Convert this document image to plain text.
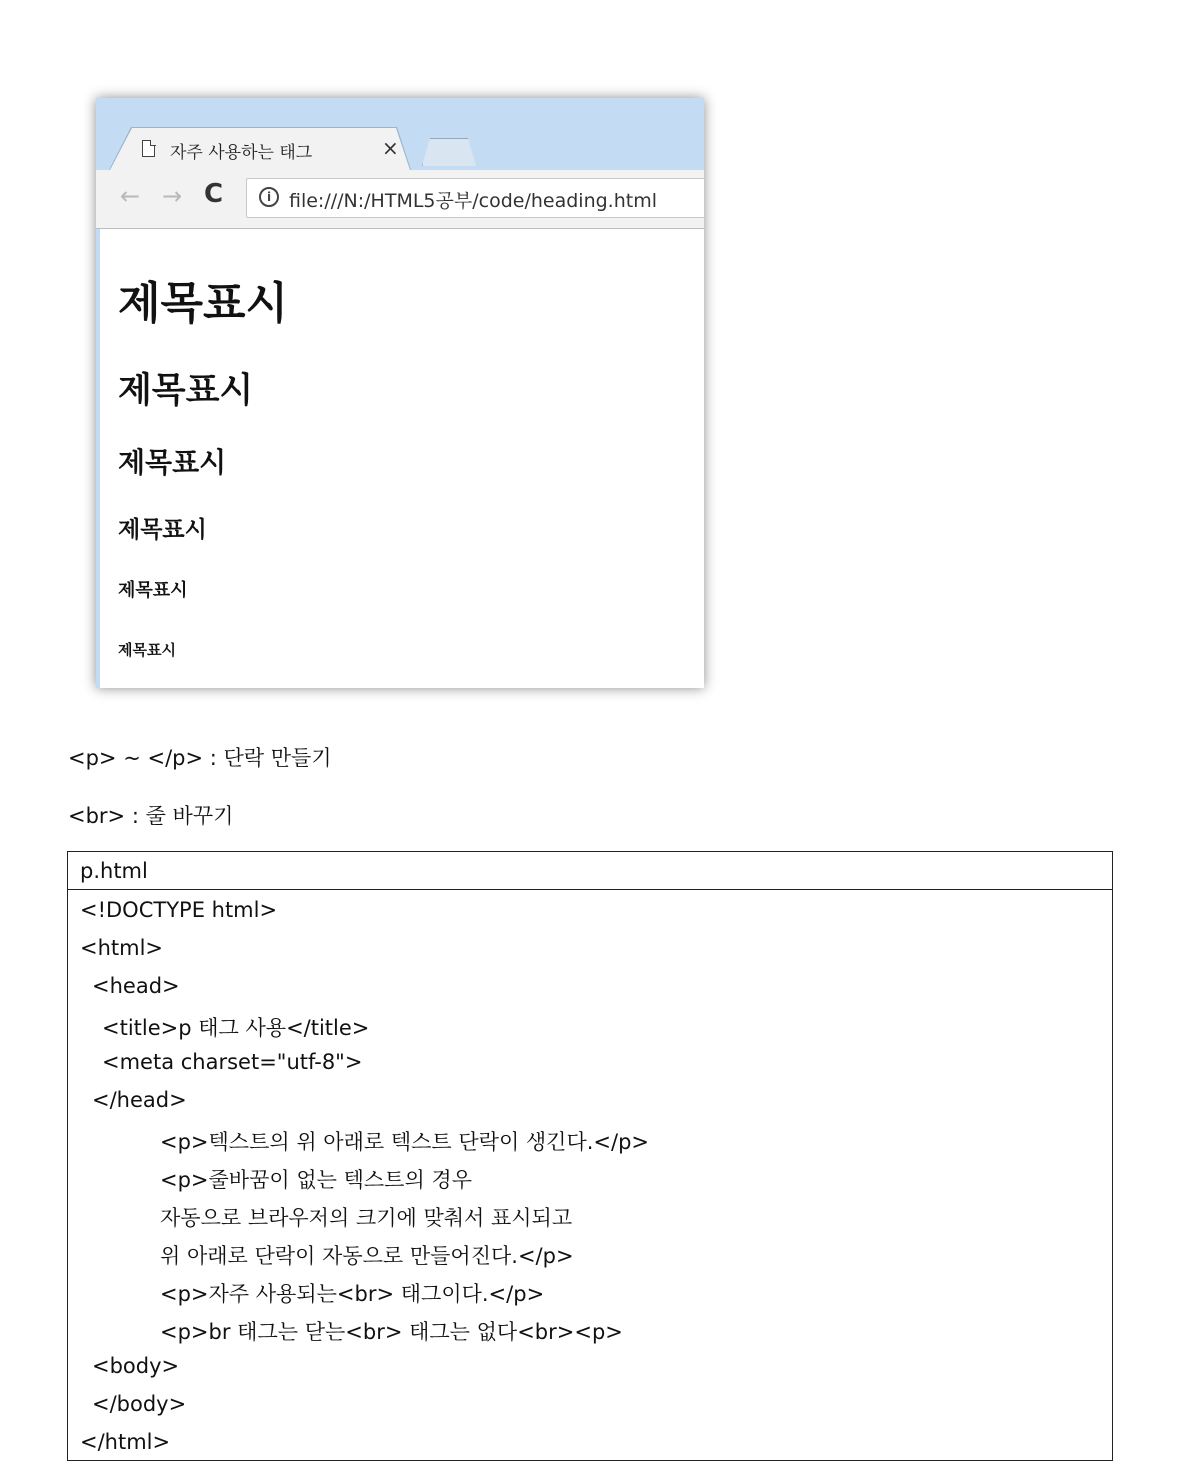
자주 사용하는 태그	×
← → C	i file:///N:/HTML5공부/code/heading.html
제목표시
제목표시
제목표시
제목표시
제목표시
제목표시
<p> ~ </p> : 단락 만들기
<br> : 줄 바꾸기
p.html
<!DOCTYPE html>
<html>
<head>
<title>p 태그 사용</title>
<meta charset="utf-8">
</head>
<p>텍스트의 위 아래로 텍스트 단락이 생긴다.</p>
<p>줄바꿈이 없는 텍스트의 경우
자동으로 브라우저의 크기에 맞춰서 표시되고
위 아래로 단락이 자동으로 만들어진다.</p>
<p>자주 사용되는<br> 태그이다.</p>
<p>br 태그는 닫는<br> 태그는 없다<br><p>
<body>
</body>
</html>
